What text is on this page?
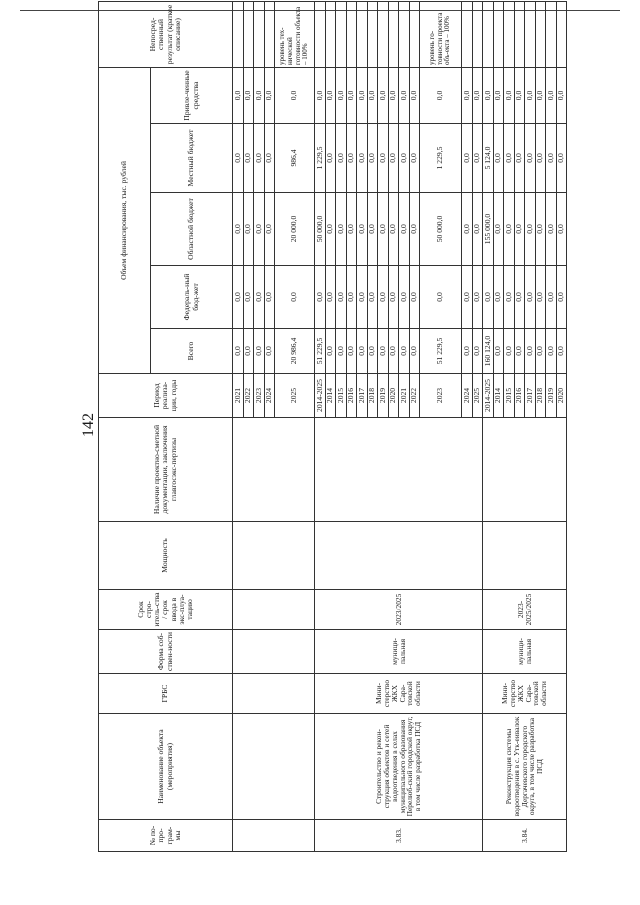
142
№ по-про-грам-мы	Наименование объекта (мероприятия)	ГРБС	Форма соб-ствен-ности	Срок стро-итель-ства / срок ввода в экс-плуа-тацию	Мощность	Наличие проектно-сметной документации, заключения главгосэкс-пертизы	Период реализа-ции, годы	Объем финансирования, тыс. рублей					Непосред-ственный результат (краткое описание)
								Всего	Федераль-ный бюд-жет	Областной бюджет	Местный бюджет	Привле-ченные средства	
							2021	0,0	0,0	0,0	0,0	0,0	
							2022	0,0	0,0	0,0	0,0	0,0	
							2023	0,0	0,0	0,0	0,0	0,0	
							2024	0,0	0,0	0,0	0,0	0,0	
							2025	20 986,4	0,0	20 000,0	986,4	0,0	уровень тех-нической готовности объекта – 100%
3.83.	Строительство и рекон-струкция объектов и сетей водоотведения в селах муниципального образования Перелюб-ский городской округ, в том числе разработка ПСД	Мини-стерство ЖКХ Сара-товской области	муници-пальная	2023/2025			2014-2025	51 229,5	0,0	50 000,0	1 229,5	0,0	
							2014	0,0	0,0	0,0	0,0	0,0	
							2015	0,0	0,0	0,0	0,0	0,0	
							2016	0,0	0,0	0,0	0,0	0,0	
							2017	0,0	0,0	0,0	0,0	0,0	
							2018	0,0	0,0	0,0	0,0	0,0	
							2019	0,0	0,0	0,0	0,0	0,0	
							2020	0,0	0,0	0,0	0,0	0,0	
							2021	0,0	0,0	0,0	0,0	0,0	
							2022	0,0	0,0	0,0	0,0	0,0	
							2023	51 229,5	0,0	50 000,0	1 229,5	0,0	уровень го-товности проекта объ-екта – 100%
							2024	0,0	0,0	0,0	0,0	0,0	
							2025	0,0	0,0	0,0	0,0	0,0	
3.84.	Реконструкция системы водоотведения в с. Утк-еивалок Дергачевского городского округа, в том числе разработка ПСД	Мини-стерство ЖКХ Сара-товской области	муници-пальная	2023-2025/2025			2014-2025	160 124,0	0,0	155 000,0	5 124,0	0,0	
							2014	0,0	0,0	0,0	0,0	0,0	
							2015	0,0	0,0	0,0	0,0	0,0	
							2016	0,0	0,0	0,0	0,0	0,0	
							2017	0,0	0,0	0,0	0,0	0,0	
							2018	0,0	0,0	0,0	0,0	0,0	
							2019	0,0	0,0	0,0	0,0	0,0	
							2020	0,0	0,0	0,0	0,0	0,0	
